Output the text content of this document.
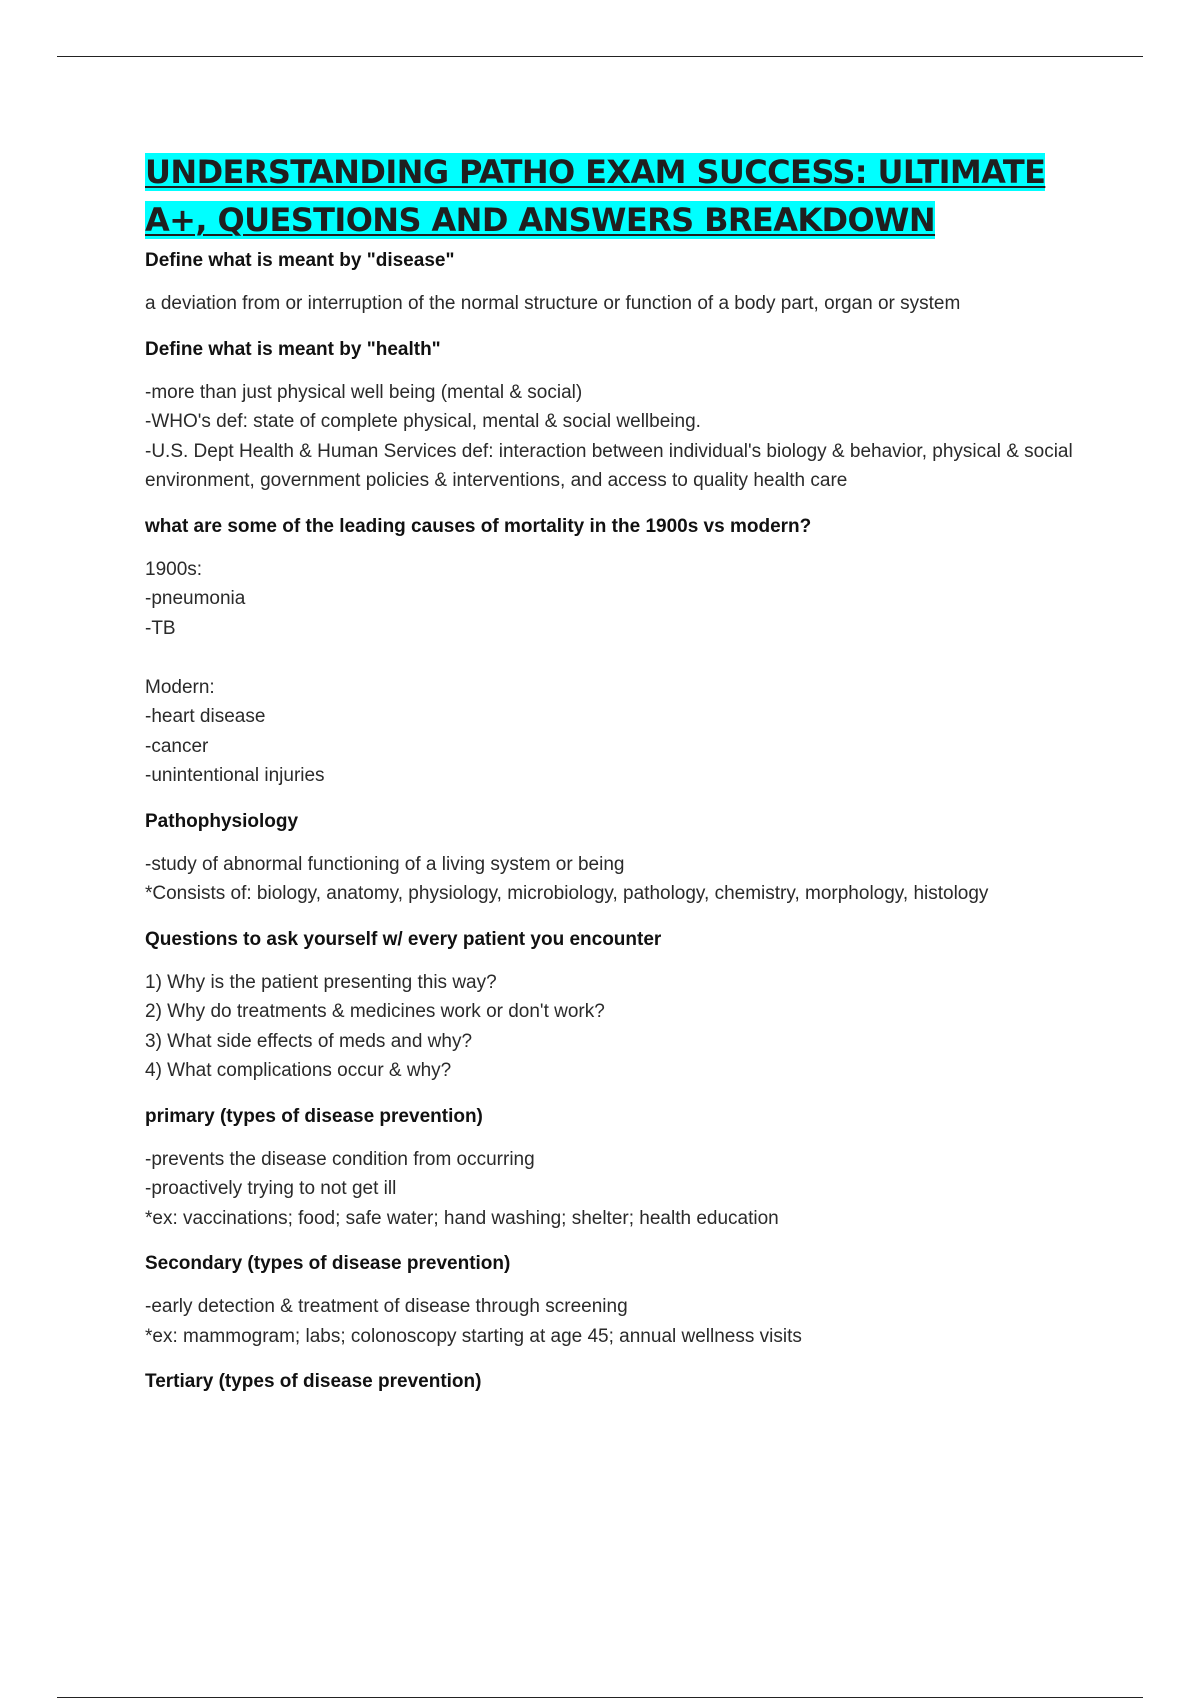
UNDERSTANDING PATHO EXAM SUCCESS: ULTIMATE
A+, QUESTIONS AND ANSWERS BREAKDOWN

Define what is meant by "disease"

a deviation from or interruption of the normal structure or function of a body part, organ or system

Define what is meant by "health"

-more than just physical well being (mental & social)
-WHO's def: state of complete physical, mental & social wellbeing.
-U.S. Dept Health & Human Services def: interaction between individual's biology & behavior, physical & social environment, government policies & interventions, and access to quality health care

what are some of the leading causes of mortality in the 1900s vs modern?

1900s:
-pneumonia
-TB

Modern:
-heart disease
-cancer
-unintentional injuries

Pathophysiology

-study of abnormal functioning of a living system or being
*Consists of: biology, anatomy, physiology, microbiology, pathology, chemistry, morphology, histology

Questions to ask yourself w/ every patient you encounter

1) Why is the patient presenting this way?
2) Why do treatments & medicines work or don't work?
3) What side effects of meds and why?
4) What complications occur & why?

primary (types of disease prevention)

-prevents the disease condition from occurring
-proactively trying to not get ill
*ex: vaccinations; food; safe water; hand washing; shelter; health education

Secondary (types of disease prevention)

-early detection & treatment of disease through screening
*ex: mammogram; labs; colonoscopy starting at age 45; annual wellness visits

Tertiary (types of disease prevention)
